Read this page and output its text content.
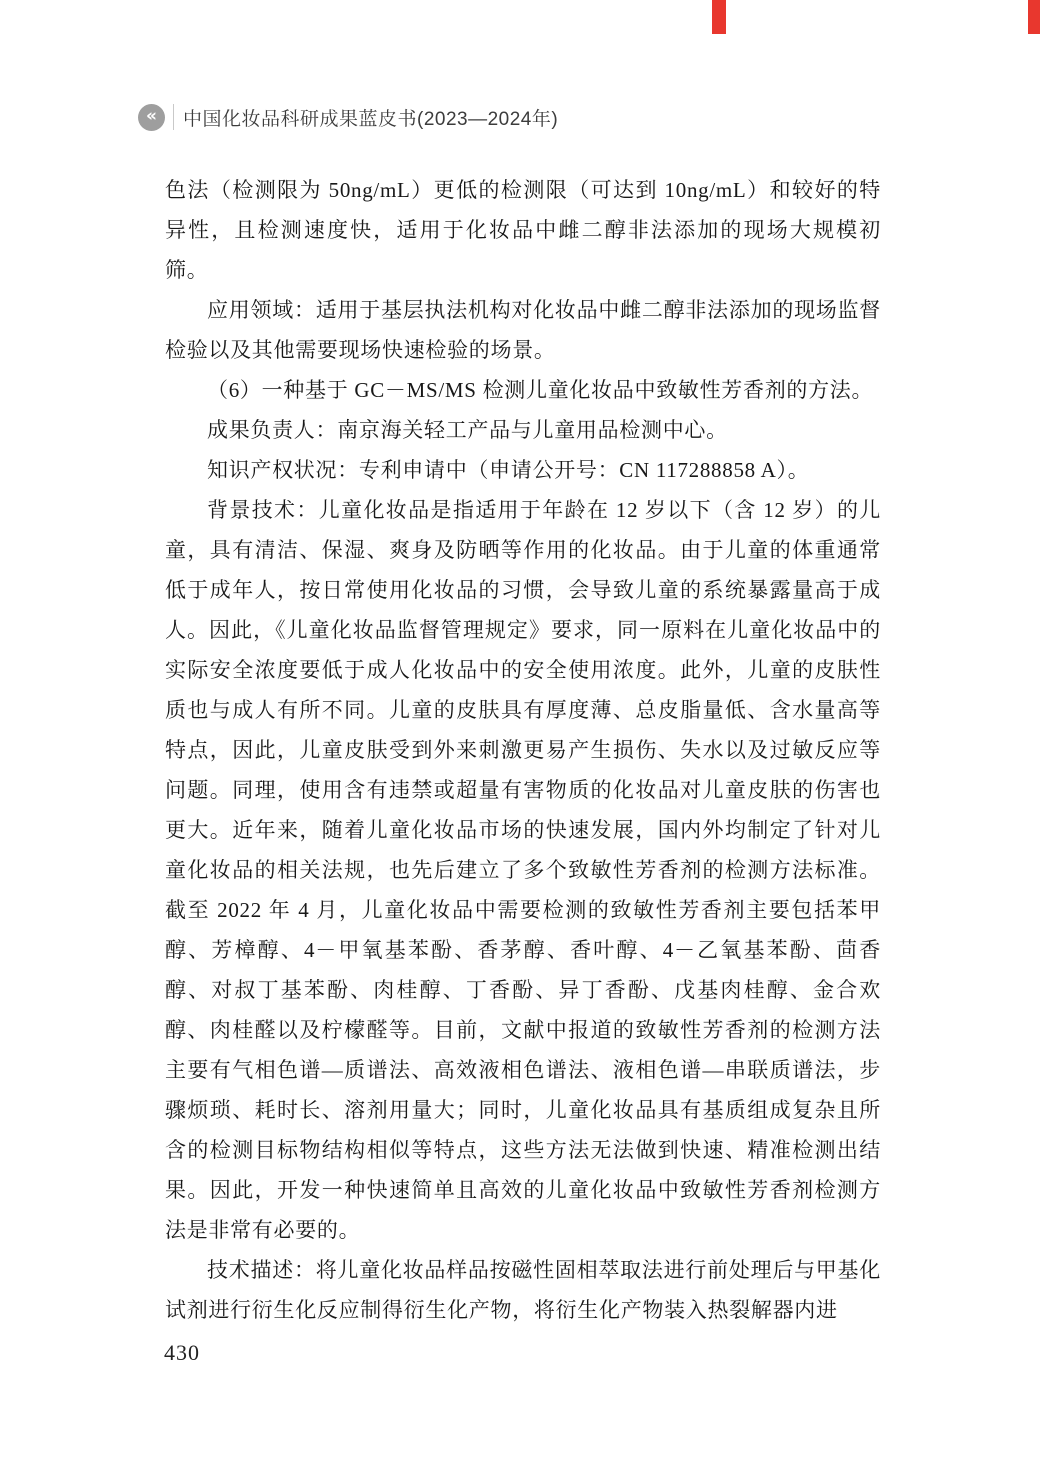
«	中国化妆品科研成果蓝皮书(2023—2024年)

色法（检测限为 50ng/mL）更低的检测限（可达到 10ng/mL）和较好的特异性，且检测速度快，适用于化妆品中雌二醇非法添加的现场大规模初筛。

应用领域：适用于基层执法机构对化妆品中雌二醇非法添加的现场监督检验以及其他需要现场快速检验的场景。

（6）一种基于 GC－MS/MS 检测儿童化妆品中致敏性芳香剂的方法。

成果负责人：南京海关轻工产品与儿童用品检测中心。

知识产权状况：专利申请中（申请公开号：CN 117288858 A）。

背景技术：儿童化妆品是指适用于年龄在 12 岁以下（含 12 岁）的儿童，具有清洁、保湿、爽身及防晒等作用的化妆品。由于儿童的体重通常低于成年人，按日常使用化妆品的习惯，会导致儿童的系统暴露量高于成人。因此，《儿童化妆品监督管理规定》要求，同一原料在儿童化妆品中的实际安全浓度要低于成人化妆品中的安全使用浓度。此外，儿童的皮肤性质也与成人有所不同。儿童的皮肤具有厚度薄、总皮脂量低、含水量高等特点，因此，儿童皮肤受到外来刺激更易产生损伤、失水以及过敏反应等问题。同理，使用含有违禁或超量有害物质的化妆品对儿童皮肤的伤害也更大。近年来，随着儿童化妆品市场的快速发展，国内外均制定了针对儿童化妆品的相关法规，也先后建立了多个致敏性芳香剂的检测方法标准。截至 2022 年 4 月，儿童化妆品中需要检测的致敏性芳香剂主要包括苯甲醇、芳樟醇、4－甲氧基苯酚、香茅醇、香叶醇、4－乙氧基苯酚、茴香醇、对叔丁基苯酚、肉桂醇、丁香酚、异丁香酚、戊基肉桂醇、金合欢醇、肉桂醛以及柠檬醛等。目前，文献中报道的致敏性芳香剂的检测方法主要有气相色谱—质谱法、高效液相色谱法、液相色谱—串联质谱法，步骤烦琐、耗时长、溶剂用量大；同时，儿童化妆品具有基质组成复杂且所含的检测目标物结构相似等特点，这些方法无法做到快速、精准检测出结果。因此，开发一种快速简单且高效的儿童化妆品中致敏性芳香剂检测方法是非常有必要的。

技术描述：将儿童化妆品样品按磁性固相萃取法进行前处理后与甲基化试剂进行衍生化反应制得衍生化产物，将衍生化产物装入热裂解器内进

430
